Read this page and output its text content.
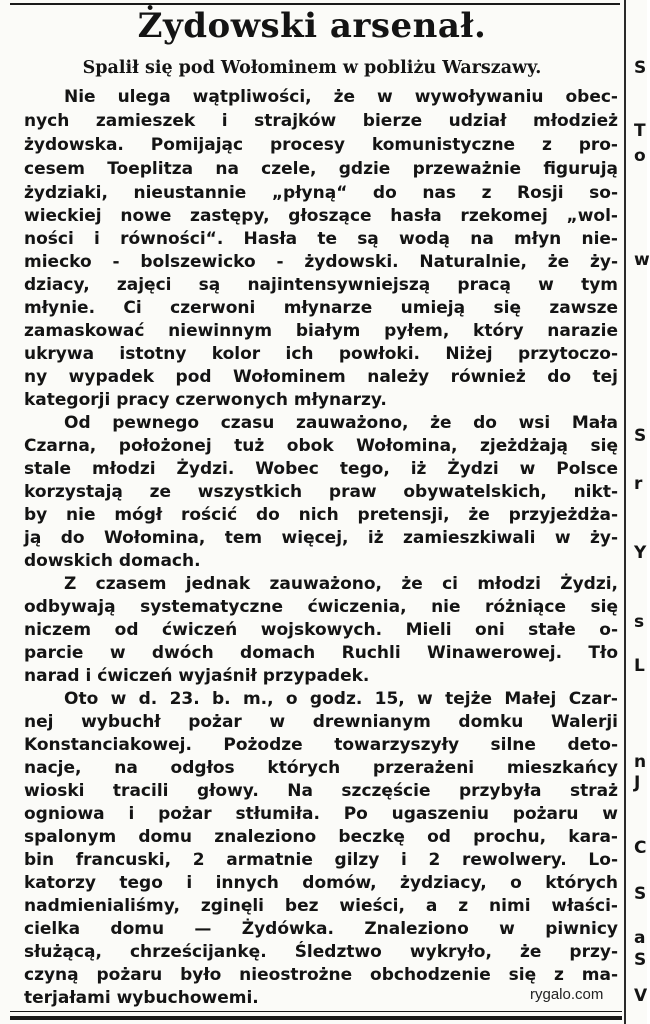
Żydowski arsenał.
Spalił się pod Wołominem w pobliżu Warszawy.
Nie ulega wątpliwości, że w wywoływaniu obec-
nych zamieszek i strajków bierze udział młodzież
żydowska. Pomijając procesy komunistyczne z pro-
cesem Toeplitza na czele, gdzie przeważnie figurują
żydziaki, nieustannie „płyną“ do nas z Rosji so-
wieckiej nowe zastępy, głoszące hasła rzekomej „wol-
ności i równości“. Hasła te są wodą na młyn nie-
miecko - bolszewicko - żydowski. Naturalnie, że ży-
dziacy, zajęci są najintensywniejszą pracą w tym
młynie. Ci czerwoni młynarze umieją się zawsze
zamaskować niewinnym białym pyłem, który narazie
ukrywa istotny kolor ich powłoki. Niżej przytoczo-
ny wypadek pod Wołominem należy również do tej
kategorji pracy czerwonych młynarzy.
Od pewnego czasu zauważono, że do wsi Mała
Czarna, położonej tuż obok Wołomina, zjeżdżają się
stale młodzi Żydzi. Wobec tego, iż Żydzi w Polsce
korzystają ze wszystkich praw obywatelskich, nikt-
by nie mógł rościć do nich pretensji, że przyjeżdża-
ją do Wołomina, tem więcej, iż zamieszkiwali w ży-
dowskich domach.
Z czasem jednak zauważono, że ci młodzi Żydzi,
odbywają systematyczne ćwiczenia, nie różniące się
niczem od ćwiczeń wojskowych. Mieli oni stałe o-
parcie w dwóch domach Ruchli Winawerowej. Tło
narad i ćwiczeń wyjaśnił przypadek.
Oto w d. 23. b. m., o godz. 15, w tejże Małej Czar-
nej wybuchł pożar w drewnianym domku Walerji
Konstanciakowej. Pożodze towarzyszyły silne deto-
nacje, na odgłos których przerażeni mieszkańcy
wioski tracili głowy. Na szczęście przybyła straż
ogniowa i pożar stłumiła. Po ugaszeniu pożaru w
spalonym domu znaleziono beczkę od prochu, kara-
bin francuski, 2 armatnie gilzy i 2 rewolwery. Lo-
katorzy tego i innych domów, żydziacy, o których
nadmienialiśmy, zginęli bez wieści, a z nimi właści-
cielka domu — Żydówka. Znaleziono w piwnicy
służącą, chrześcijankę. Śledztwo wykryło, że przy-
czyną pożaru było nieostrożne obchodzenie się z ma-
terjałami wybuchowemi.
S
T
o
w
S
r
Y
s
L
n
J
C
S
a
S
V
rygalo.com
